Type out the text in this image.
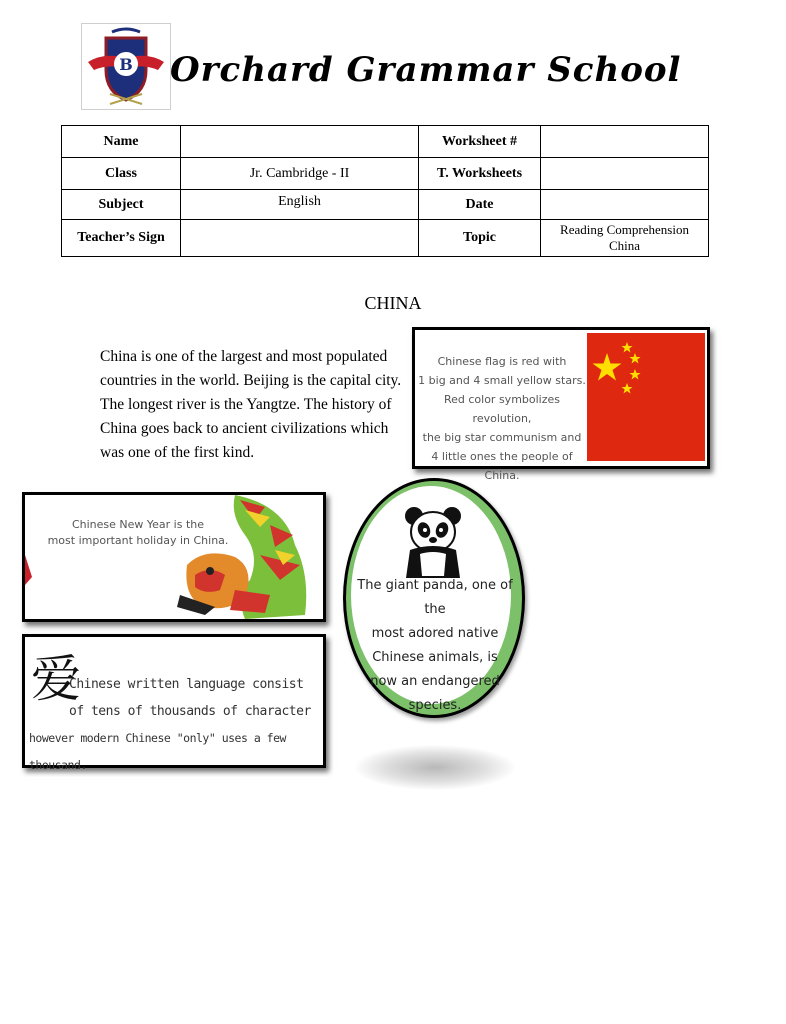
B Orchard Grammar School
Name		Worksheet #	
Class	Jr. Cambridge - II	T. Worksheets	
Subject	English	Date	
Teacher’s Sign		Topic	Reading Comprehension
China
CHINA
China is one of the largest and most populated countries in the world. Beijing is the capital city. The longest river is the Yangtze. The history of China goes back to ancient civilizations which was one of the first kind.
Chinese flag is red with
1 big and 4 small yellow stars.
Red color symbolizes revolution,
the big star communism and
4 little ones the people of China.
Chinese New Year is the
most important holiday in China.
爱
Chinese written language consist
of tens of thousands of character
however modern Chinese "only" uses a few thousand.
The giant panda, one of the
most adored native
Chinese animals, is
now an endangered
species.
